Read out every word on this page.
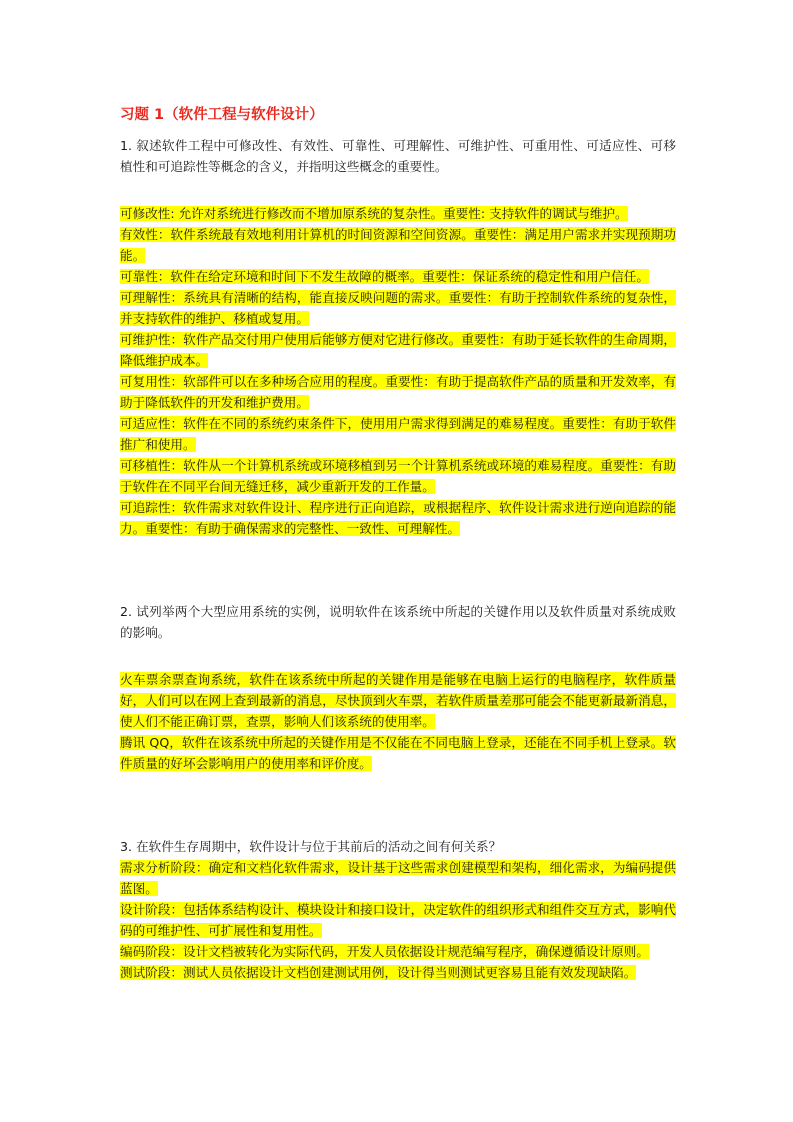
习题 1（软件工程与软件设计）

1. 叙述软件工程中可修改性、有效性、可靠性、可理解性、可维护性、可重用性、可适应性、可移植性和可追踪性等概念的含义，并指明这些概念的重要性。

可修改性: 允许对系统进行修改而不增加原系统的复杂性。重要性: 支持软件的调试与维护。

有效性：软件系统最有效地利用计算机的时间资源和空间资源。重要性：满足用户需求并实现预期功能。

可靠性：软件在给定环境和时间下不发生故障的概率。重要性：保证系统的稳定性和用户信任。

可理解性：系统具有清晰的结构，能直接反映问题的需求。重要性：有助于控制软件系统的复杂性，并支持软件的维护、移植或复用。

可维护性：软件产品交付用户使用后能够方便对它进行修改。重要性：有助于延长软件的生命周期，降低维护成本。

可复用性：软部件可以在多种场合应用的程度。重要性：有助于提高软件产品的质量和开发效率，有助于降低软件的开发和维护费用。

可适应性：软件在不同的系统约束条件下，使用用户需求得到满足的难易程度。重要性：有助于软件推广和使用。

可移植性：软件从一个计算机系统或环境移植到另一个计算机系统或环境的难易程度。重要性：有助于软件在不同平台间无缝迁移，减少重新开发的工作量。

可追踪性：软件需求对软件设计、程序进行正向追踪，或根据程序、软件设计需求进行逆向追踪的能力。重要性：有助于确保需求的完整性、一致性、可理解性。

2. 试列举两个大型应用系统的实例，说明软件在该系统中所起的关键作用以及软件质量对系统成败的影响。

火车票余票查询系统，软件在该系统中所起的关键作用是能够在电脑上运行的电脑程序，软件质量好，人们可以在网上查到最新的消息，尽快顶到火车票，若软件质量差那可能会不能更新最新消息，使人们不能正确订票，查票，影响人们该系统的使用率。

腾讯 QQ，软件在该系统中所起的关键作用是不仅能在不同电脑上登录，还能在不同手机上登录。软件质量的好坏会影响用户的使用率和评价度。

3. 在软件生存周期中，软件设计与位于其前后的活动之间有何关系？

需求分析阶段：确定和文档化软件需求，设计基于这些需求创建模型和架构，细化需求，为编码提供蓝图。

设计阶段：包括体系结构设计、模块设计和接口设计，决定软件的组织形式和组件交互方式，影响代码的可维护性、可扩展性和复用性。

编码阶段：设计文档被转化为实际代码，开发人员依据设计规范编写程序，确保遵循设计原则。

测试阶段：测试人员依据设计文档创建测试用例，设计得当则测试更容易且能有效发现缺陷。
